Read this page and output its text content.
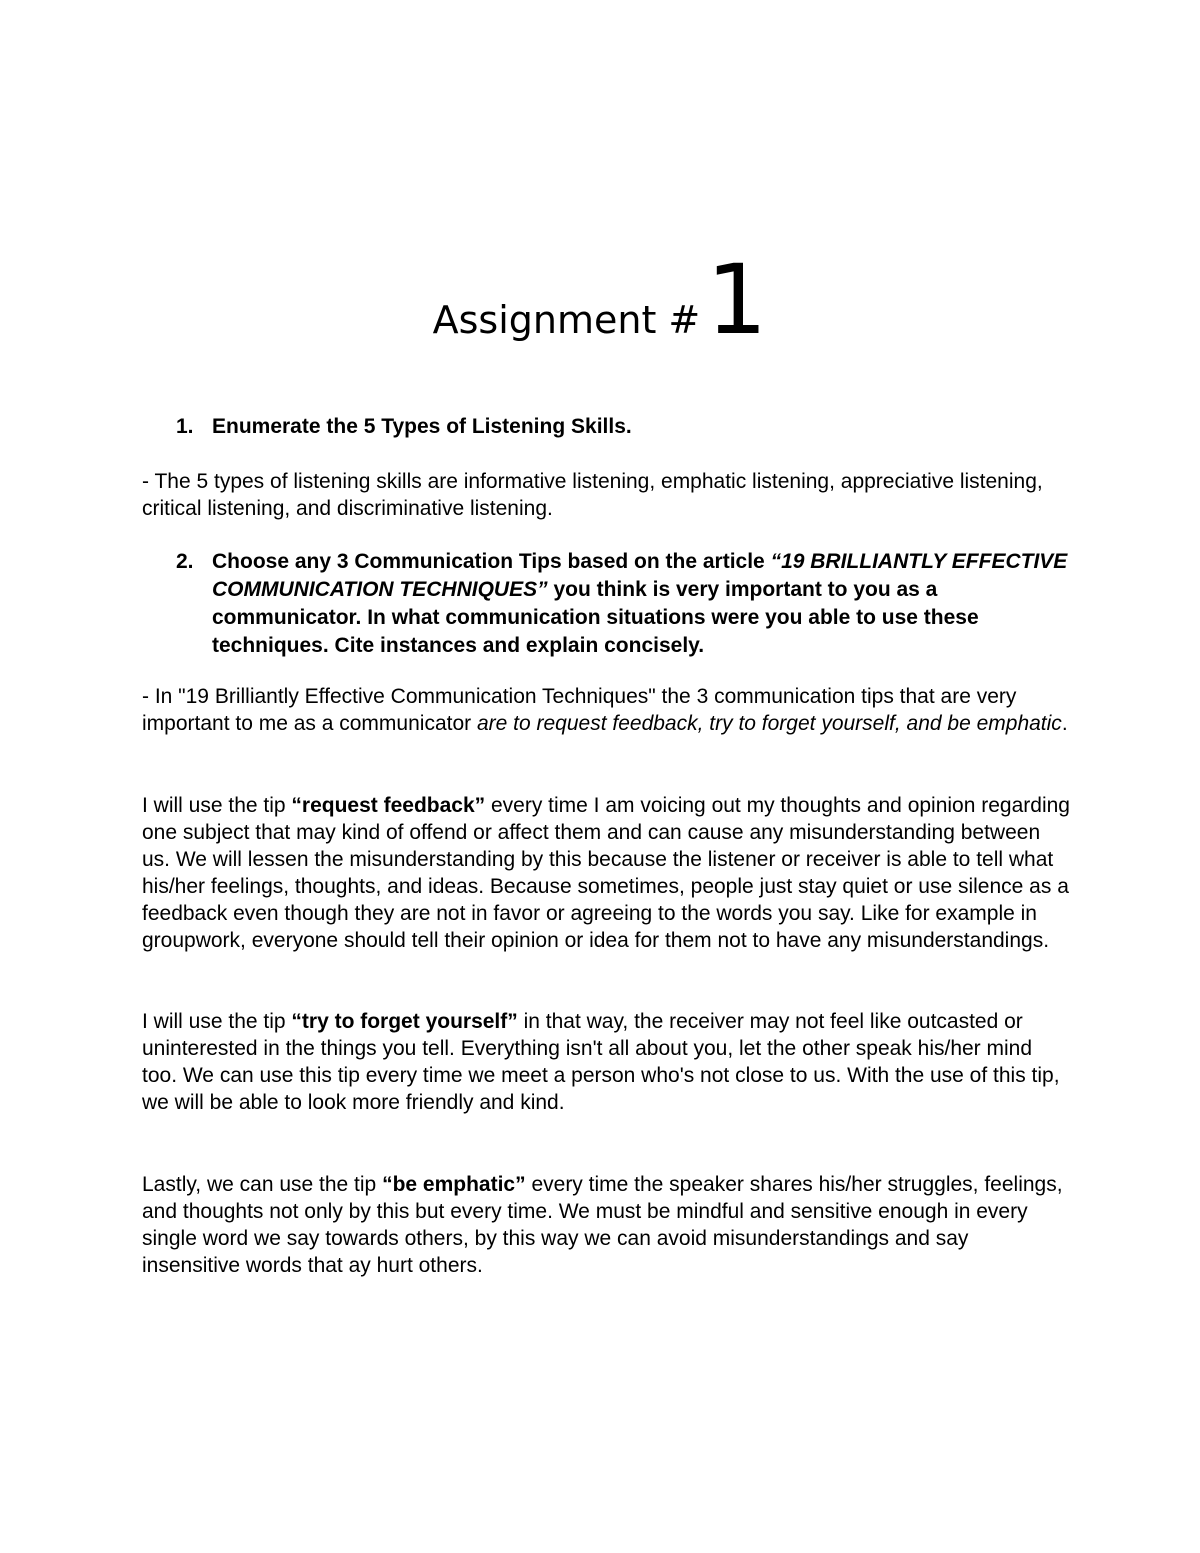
Assignment #1
1. Enumerate the 5 Types of Listening Skills.
- The 5 types of listening skills are informative listening, emphatic listening, appreciative listening, critical listening, and discriminative listening.
2. Choose any 3 Communication Tips based on the article “19 BRILLIANTLY EFFECTIVE COMMUNICATION TECHNIQUES” you think is very important to you as a communicator. In what communication situations were you able to use these techniques. Cite instances and explain concisely.
- In "19 Brilliantly Effective Communication Techniques" the 3 communication tips that are very important to me as a communicator are to request feedback, try to forget yourself, and be emphatic.
I will use the tip “request feedback” every time I am voicing out my thoughts and opinion regarding one subject that may kind of offend or affect them and can cause any misunderstanding between us. We will lessen the misunderstanding by this because the listener or receiver is able to tell what his/her feelings, thoughts, and ideas. Because sometimes, people just stay quiet or use silence as a feedback even though they are not in favor or agreeing to the words you say. Like for example in groupwork, everyone should tell their opinion or idea for them not to have any misunderstandings.
I will use the tip “try to forget yourself” in that way, the receiver may not feel like outcasted or uninterested in the things you tell. Everything isn't all about you, let the other speak his/her mind too. We can use this tip every time we meet a person who's not close to us. With the use of this tip, we will be able to look more friendly and kind.
Lastly, we can use the tip “be emphatic” every time the speaker shares his/her struggles, feelings, and thoughts not only by this but every time. We must be mindful and sensitive enough in every single word we say towards others, by this way we can avoid misunderstandings and say insensitive words that ay hurt others.
